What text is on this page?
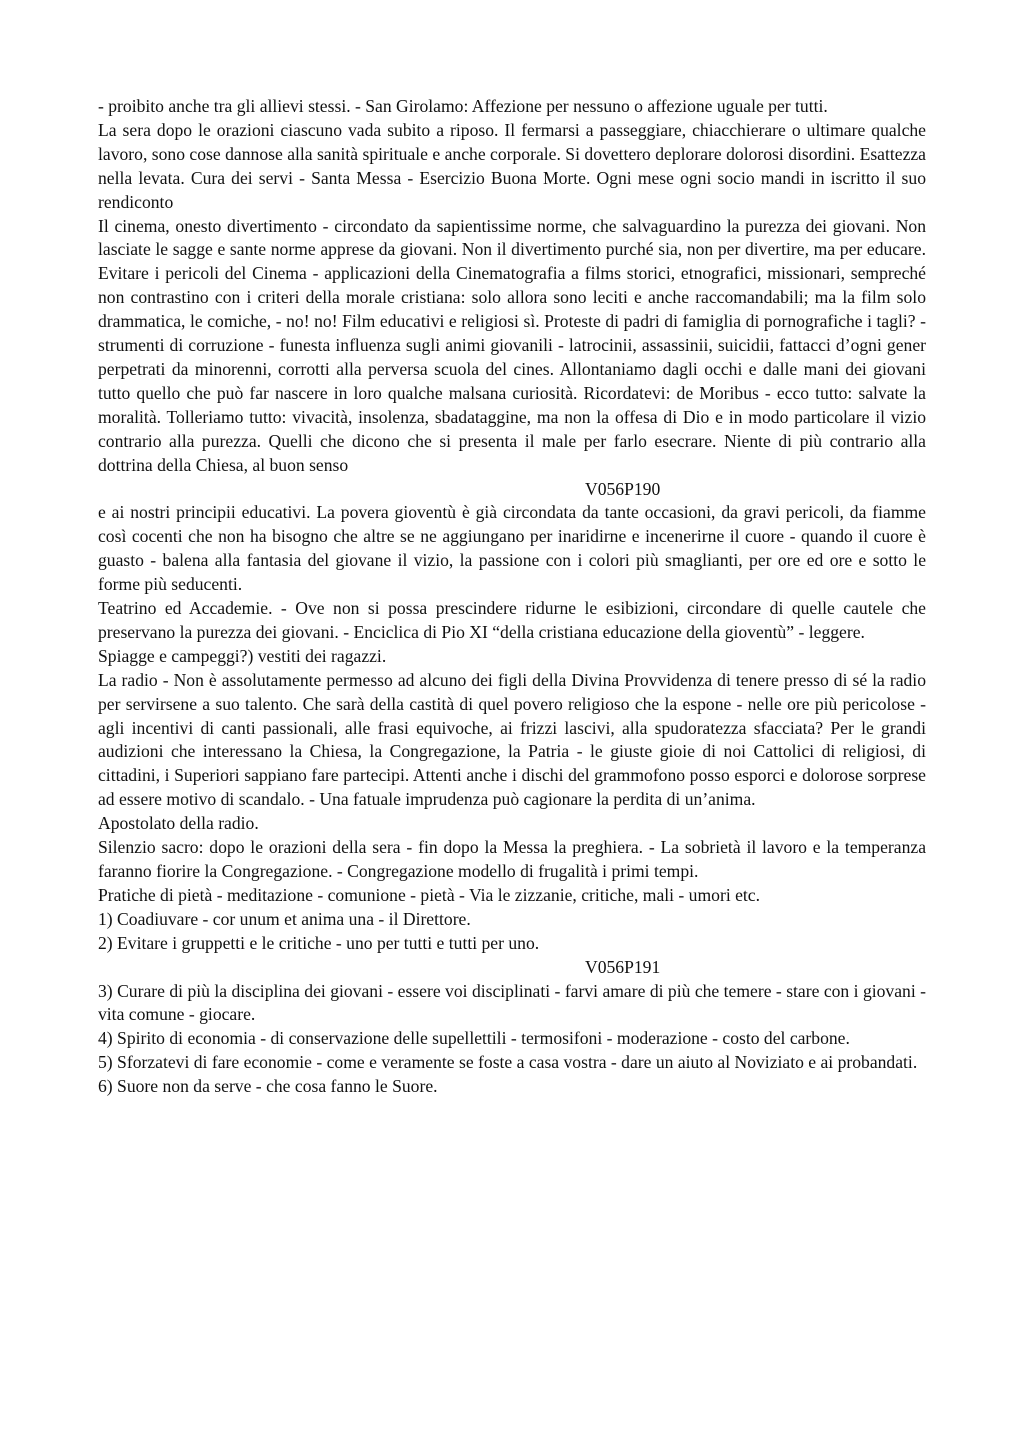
- proibito anche tra gli allievi stessi. - San Girolamo: Affezione per nessuno o affezione uguale per tutti.

La sera dopo le orazioni ciascuno vada subito a riposo. Il fermarsi a passeggiare, chiacchierare o ultimare qualche lavoro, sono cose dannose alla sanità spirituale e anche corporale. Si dovettero deplorare dolorosi disordini. Esattezza nella levata. Cura dei servi - Santa Messa - Esercizio Buona Morte. Ogni mese ogni socio mandi in iscritto il suo rendiconto

Il cinema, onesto divertimento - circondato da sapientissime norme, che salvaguardino la purezza dei giovani. Non lasciate le sagge e sante norme apprese da giovani. Non il divertimento purché sia, non per divertire, ma per educare. Evitare i pericoli del Cinema - applicazioni della Cinematografia a films storici, etnografici, missionari, sempreché non contrastino con i criteri della morale cristiana: solo allora sono leciti e anche raccomandabili; ma la film solo drammatica, le comiche, - no! no! Film educativi e religiosi sì. Proteste di padri di famiglia di pornografiche i tagli? - strumenti di corruzione - funesta influenza sugli animi giovanili - latrocinii, assassinii, suicidii, fattacci d’ogni gener perpetrati da minorenni, corrotti alla perversa scuola del cines. Allontaniamo dagli occhi e dalle mani dei giovani tutto quello che può far nascere in loro qualche malsana curiosità. Ricordatevi: de Moribus - ecco tutto: salvate la moralità. Tolleriamo tutto: vivacità, insolenza, sbadataggine, ma non la offesa di Dio e in modo particolare il vizio contrario alla purezza. Quelli che dicono che si presenta il male per farlo esecrare. Niente di più contrario alla dottrina della Chiesa, al buon senso

V056P190

e ai nostri principii educativi. La povera gioventù è già circondata da tante occasioni, da gravi pericoli, da fiamme così cocenti che non ha bisogno che altre se ne aggiungano per inaridirne e incenerirne il cuore - quando il cuore è guasto - balena alla fantasia del giovane il vizio, la passione con i colori più smaglianti, per ore ed ore e sotto le forme più seducenti.

Teatrino ed Accademie. - Ove non si possa prescindere ridurne le esibizioni, circondare di quelle cautele che preservano la purezza dei giovani. - Enciclica di Pio XI “della cristiana educazione della gioventù” - leggere.

Spiagge e campeggi?) vestiti dei ragazzi.

La radio - Non è assolutamente permesso ad alcuno dei figli della Divina Provvidenza di tenere presso di sé la radio per servirsene a suo talento. Che sarà della castità di quel povero religioso che la espone - nelle ore più pericolose - agli incentivi di canti passionali, alle frasi equivoche, ai frizzi lascivi, alla spudoratezza sfacciata? Per le grandi audizioni che interessano la Chiesa, la Congregazione, la Patria - le giuste gioie di noi Cattolici di religiosi, di cittadini, i Superiori sappiano fare partecipi. Attenti anche i dischi del grammofono posso esporci e dolorose sorprese ad essere motivo di scandalo. - Una fatuale imprudenza può cagionare la perdita di un’anima.

Apostolato della radio.

Silenzio sacro: dopo le orazioni della sera - fin dopo la Messa la preghiera. - La sobrietà il lavoro e la temperanza faranno fiorire la Congregazione. - Congregazione modello di frugalità i primi tempi.

Pratiche di pietà - meditazione - comunione - pietà - Via le zizzanie, critiche, mali - umori etc.

1) Coadiuvare - cor unum et anima una - il Direttore.

2) Evitare i gruppetti e le critiche - uno per tutti e tutti per uno.

V056P191

3) Curare di più la disciplina dei giovani - essere voi disciplinati - farvi amare di più che temere - stare con i giovani - vita comune - giocare.

4) Spirito di economia - di conservazione delle supellettili - termosifoni - moderazione - costo del carbone.

5) Sforzatevi di fare economie - come e veramente se foste a casa vostra - dare un aiuto al Noviziato e ai probandati.

6) Suore non da serve - che cosa fanno le Suore.
